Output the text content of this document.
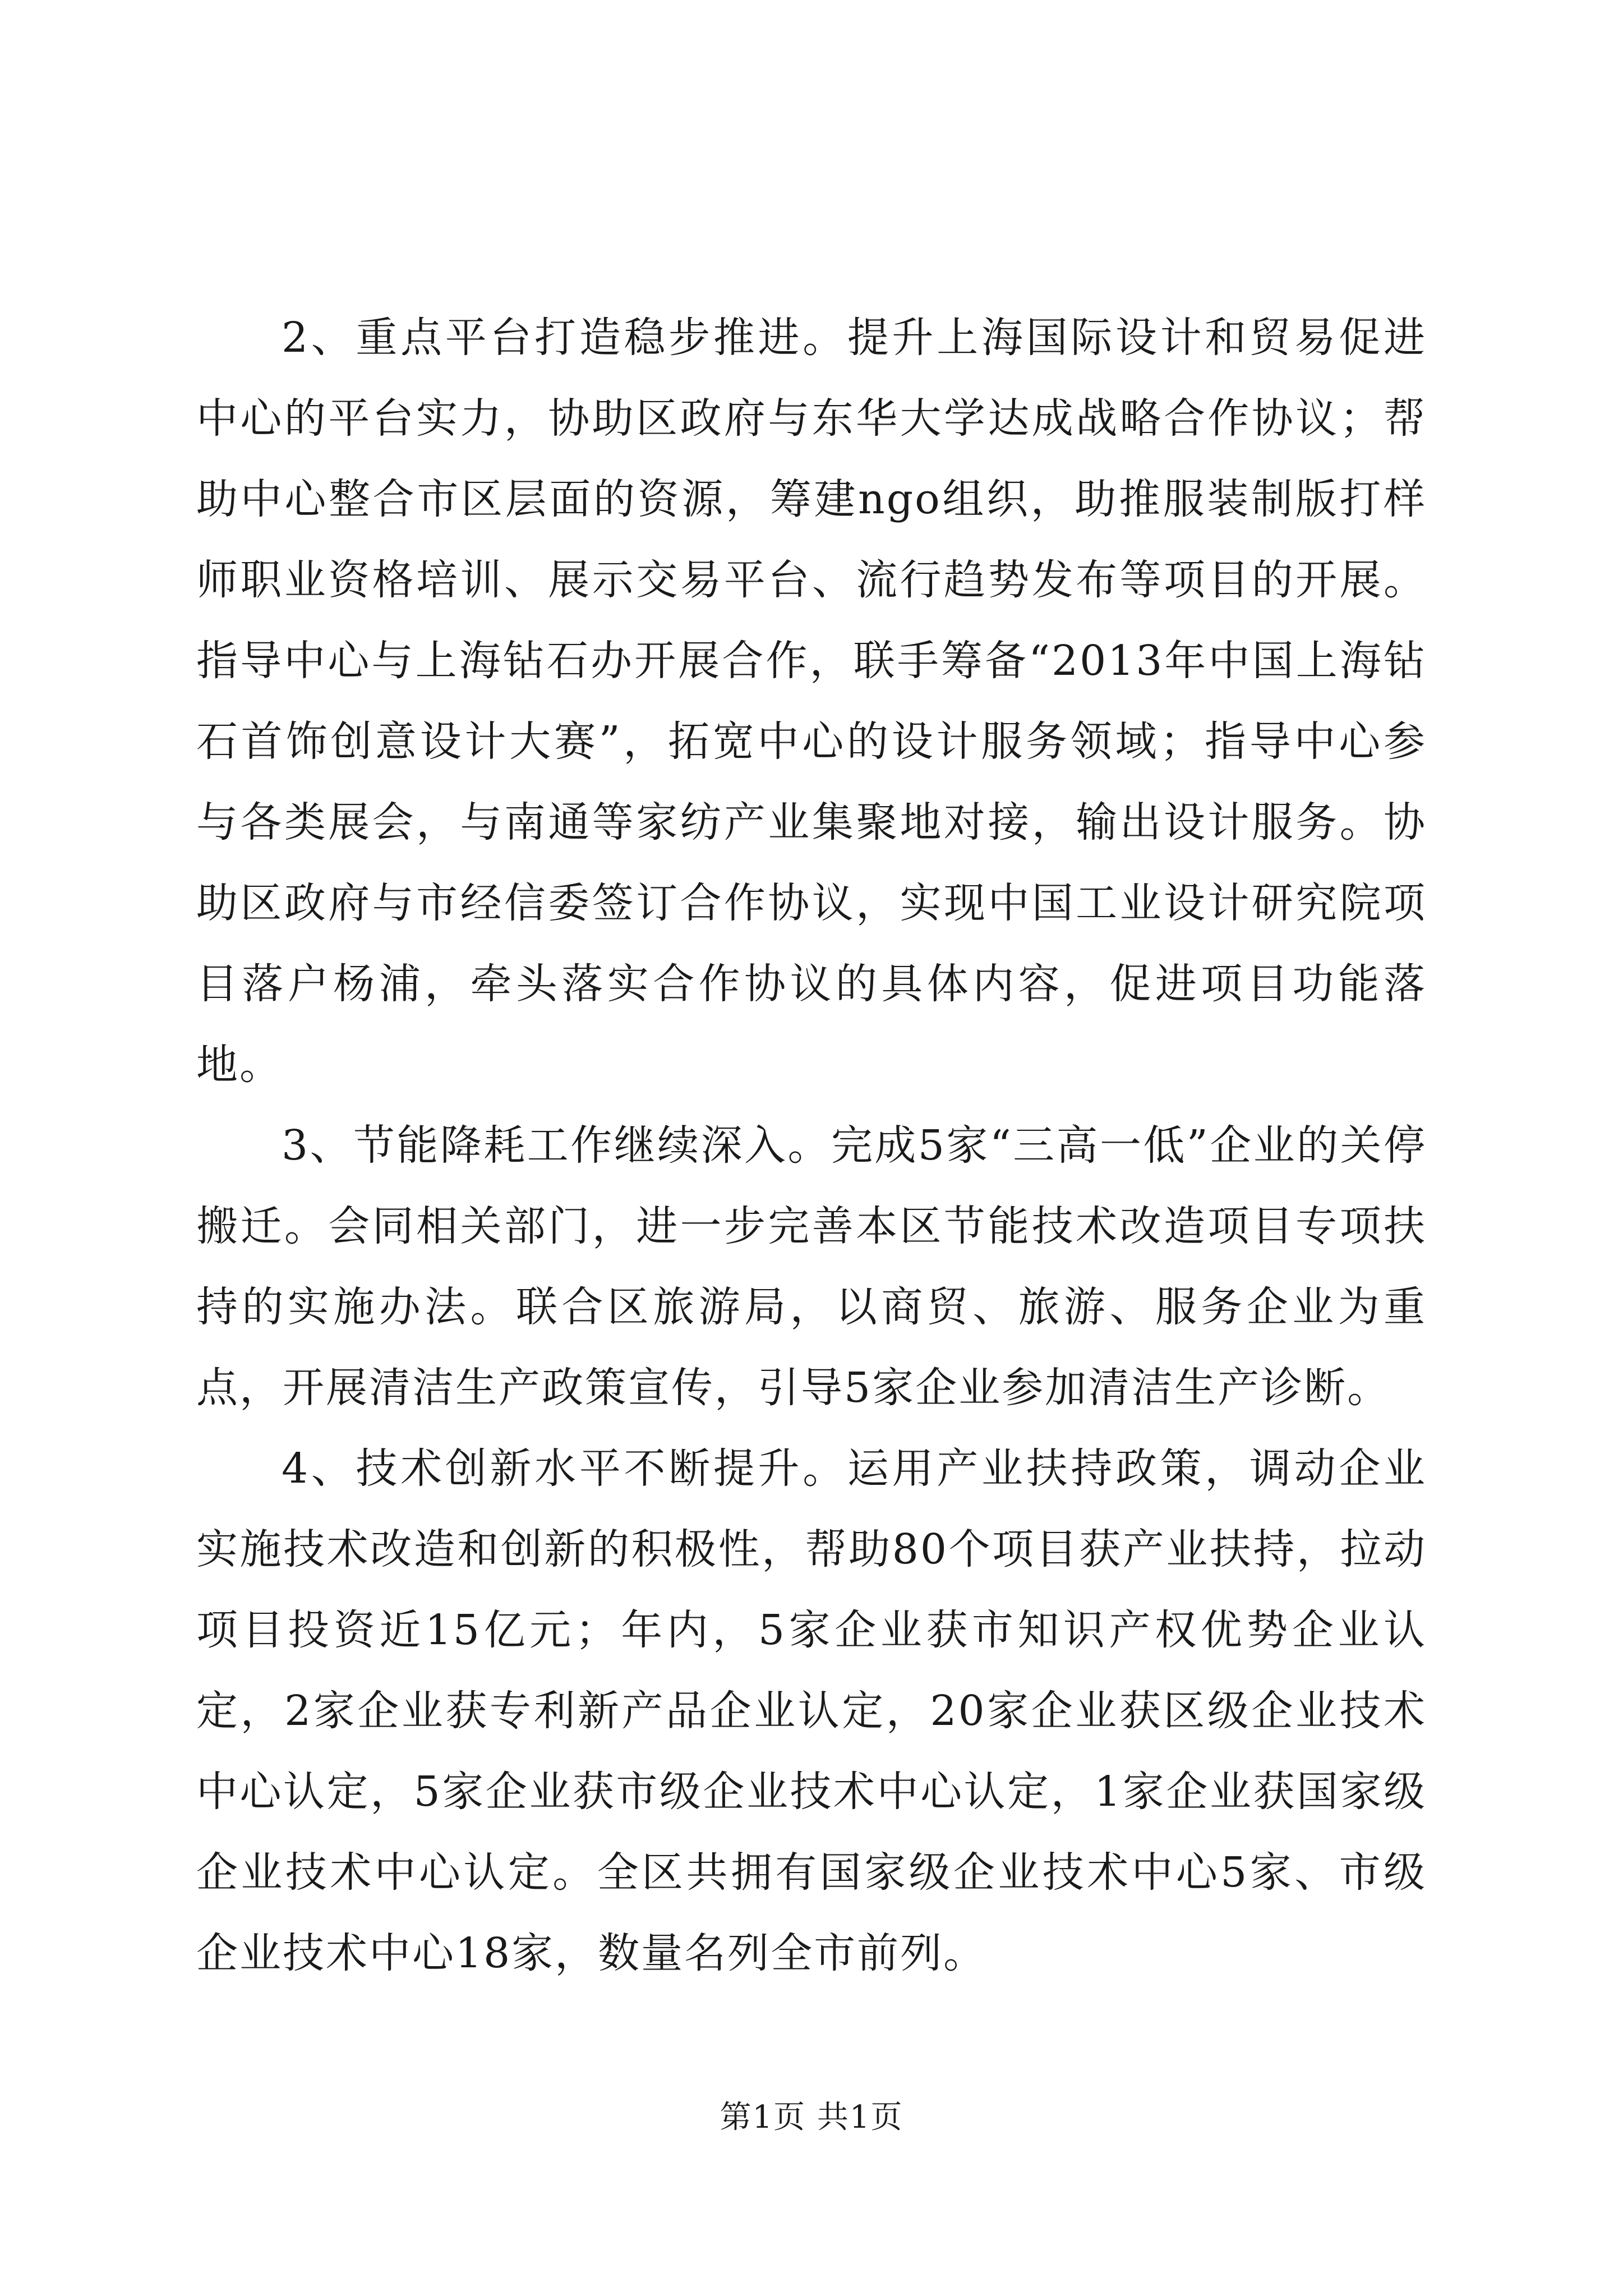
2、重点平台打造稳步推进。提升上海国际设计和贸易促进中心的平台实力，协助区政府与东华大学达成战略合作协议；帮助中心整合市区层面的资源，筹建ngo组织，助推服装制版打样师职业资格培训、展示交易平台、流行趋势发布等项目的开展。指导中心与上海钻石办开展合作，联手筹备“2013年中国上海钻石首饰创意设计大赛”，拓宽中心的设计服务领域；指导中心参与各类展会，与南通等家纺产业集聚地对接，输出设计服务。协助区政府与市经信委签订合作协议，实现中国工业设计研究院项目落户杨浦，牵头落实合作协议的具体内容，促进项目功能落地。

3、节能降耗工作继续深入。完成5家“三高一低”企业的关停搬迁。会同相关部门，进一步完善本区节能技术改造项目专项扶持的实施办法。联合区旅游局，以商贸、旅游、服务企业为重点，开展清洁生产政策宣传，引导5家企业参加清洁生产诊断。

4、技术创新水平不断提升。运用产业扶持政策，调动企业实施技术改造和创新的积极性，帮助80个项目获产业扶持，拉动项目投资近15亿元；年内，5家企业获市知识产权优势企业认定，2家企业获专利新产品企业认定，20家企业获区级企业技术中心认定，5家企业获市级企业技术中心认定，1家企业获国家级企业技术中心认定。全区共拥有国家级企业技术中心5家、市级企业技术中心18家，数量名列全市前列。

第1页 共1页
